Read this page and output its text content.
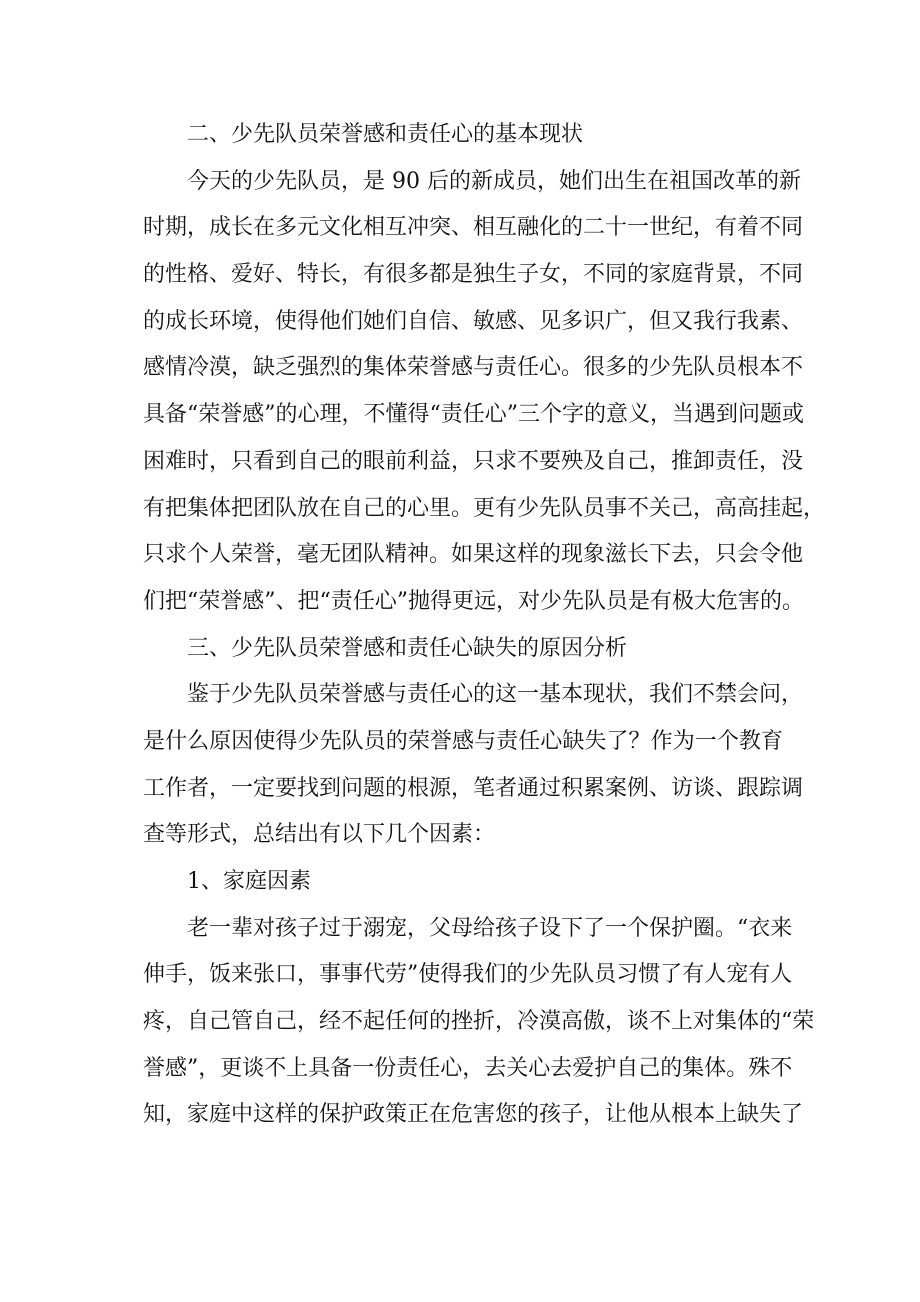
二、少先队员荣誉感和责任心的基本现状
今天的少先队员，是 90 后的新成员，她们出生在祖国改革的新
时期，成长在多元文化相互冲突、相互融化的二十一世纪，有着不同
的性格、爱好、特长，有很多都是独生子女，不同的家庭背景，不同
的成长环境，使得他们她们自信、敏感、见多识广，但又我行我素、
感情冷漠，缺乏强烈的集体荣誉感与责任心。很多的少先队员根本不
具备“荣誉感”的心理，不懂得“责任心”三个字的意义，当遇到问题或
困难时，只看到自己的眼前利益，只求不要殃及自己，推卸责任，没
有把集体把团队放在自己的心里。更有少先队员事不关己，高高挂起，
只求个人荣誉，毫无团队精神。如果这样的现象滋长下去，只会令他
们把“荣誉感”、把“责任心”抛得更远，对少先队员是有极大危害的。
三、少先队员荣誉感和责任心缺失的原因分析
鉴于少先队员荣誉感与责任心的这一基本现状，我们不禁会问，
是什么原因使得少先队员的荣誉感与责任心缺失了？作为一个教育
工作者，一定要找到问题的根源，笔者通过积累案例、访谈、跟踪调
查等形式，总结出有以下几个因素：
1、家庭因素
老一辈对孩子过于溺宠，父母给孩子设下了一个保护圈。“衣来
伸手，饭来张口，事事代劳”使得我们的少先队员习惯了有人宠有人
疼，自己管自己，经不起任何的挫折，冷漠高傲，谈不上对集体的“荣
誉感”，更谈不上具备一份责任心，去关心去爱护自己的集体。殊不
知，家庭中这样的保护政策正在危害您的孩子，让他从根本上缺失了
